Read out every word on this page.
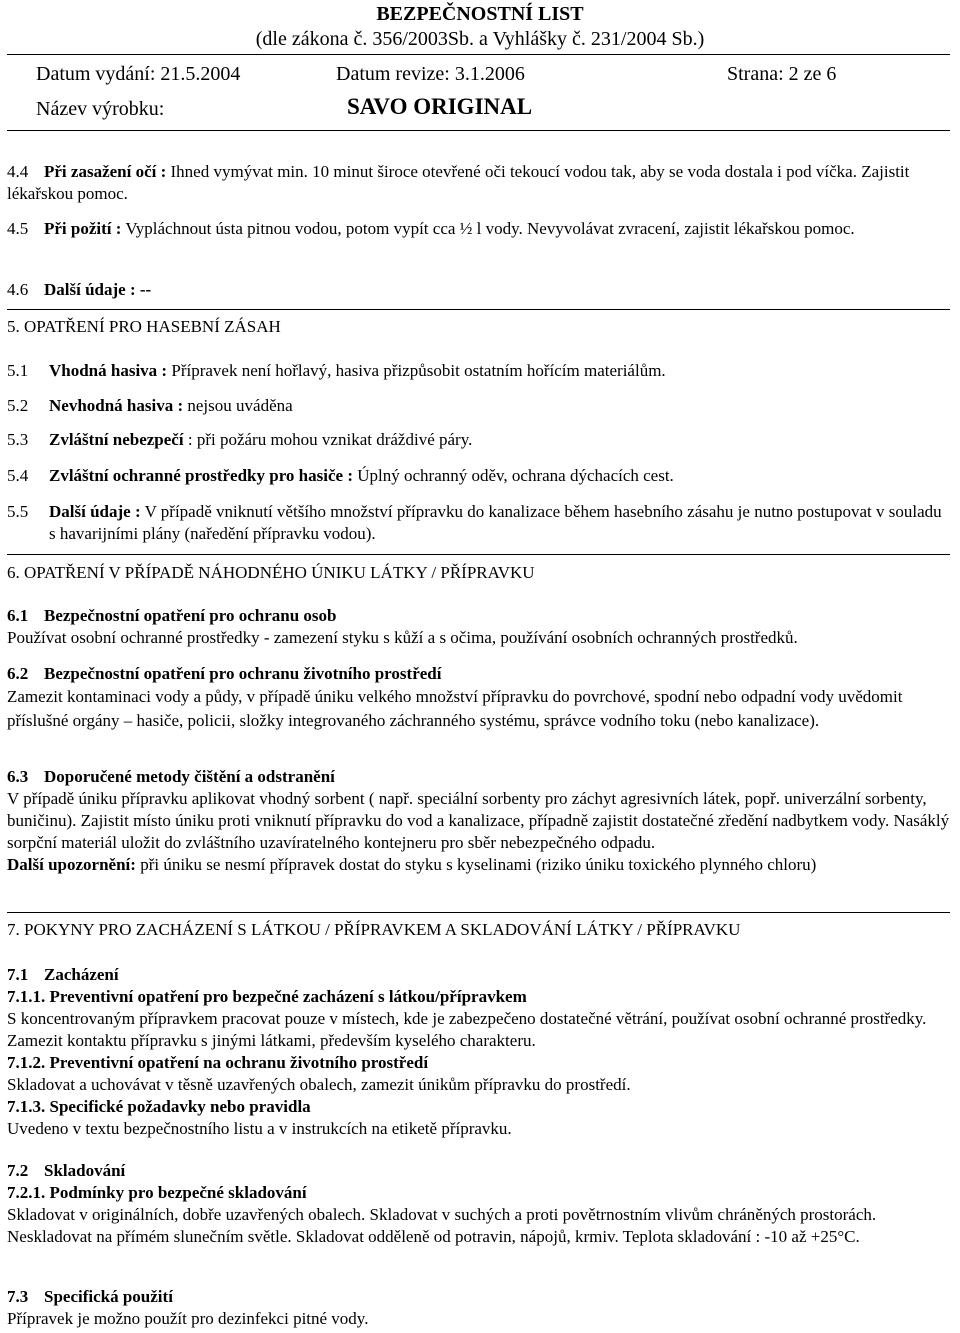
BEZPEČNOSTNÍ LIST
(dle zákona č. 356/2003Sb. a Vyhlášky č. 231/2004 Sb.)
Datum vydání: 21.5.2004	Datum revize: 3.1.2006	Strana: 2 ze 6
Název výrobku:	SAVO ORIGINAL
4.4 Při zasažení očí : Ihned vymývat min. 10 minut široce otevřené oči tekoucí vodou tak, aby se voda dostala i pod víčka. Zajistit lékařskou pomoc.
4.5 Při požití : Vypláchnout ústa pitnou vodou, potom vypít cca ½ l vody. Nevyvolávat zvracení, zajistit lékařskou pomoc.
4.6 Další údaje : --
5. OPATŘENÍ PRO HASEBNÍ ZÁSAH
5.1 Vhodná hasiva : Přípravek není hořlavý, hasiva přizpůsobit ostatním hořícím materiálům.
5.2 Nevhodná hasiva : nejsou uváděna
5.3 Zvláštní nebezpečí : při požáru mohou vznikat dráždivé páry.
5.4 Zvláštní ochranné prostředky pro hasiče : Úplný ochranný oděv, ochrana dýchacích cest.
5.5	Další údaje : V případě vniknutí většího množství přípravku do kanalizace během hasebního zásahu je nutno postupovat v souladu s havarijními plány (naředění přípravku vodou).
6. OPATŘENÍ V PŘÍPADĚ NÁHODNÉHO ÚNIKU LÁTKY / PŘÍPRAVKU
6.1 Bezpečnostní opatření pro ochranu osob
Používat osobní ochranné prostředky - zamezení styku s kůží a s očima, používání osobních ochranných prostředků.
6.2 Bezpečnostní opatření pro ochranu životního prostředí
Zamezit kontaminaci vody a půdy, v případě úniku velkého množství přípravku do povrchové, spodní nebo odpadní vody uvědomit příslušné orgány – hasiče, policii, složky integrovaného záchranného systému, správce vodního toku (nebo kanalizace).
6.3 Doporučené metody čištění a odstranění
V případě úniku přípravku aplikovat vhodný sorbent ( např. speciální sorbenty pro záchyt agresivních látek, popř. univerzální sorbenty, buničinu). Zajistit místo úniku proti vniknutí přípravku do vod a kanalizace, případně zajistit dostatečné zředění nadbytkem vody. Nasáklý sorpční materiál uložit do zvláštního uzavíratelného kontejneru pro sběr nebezpečného odpadu.
Další upozornění: při úniku se nesmí přípravek dostat do styku s kyselinami (riziko úniku toxického plynného chloru)
7. POKYNY PRO ZACHÁZENÍ S LÁTKOU / PŘÍPRAVKEM A SKLADOVÁNÍ LÁTKY / PŘÍPRAVKU
7.1 Zacházení
7.1.1. Preventivní opatření pro bezpečné zacházení s látkou/přípravkem
S koncentrovaným přípravkem pracovat pouze v místech, kde je zabezpečeno dostatečné větrání, používat osobní ochranné prostředky. Zamezit kontaktu přípravku s jinými látkami, především kyselého charakteru.
7.1.2. Preventivní opatření na ochranu životního prostředí
Skladovat a uchovávat v těsně uzavřených obalech, zamezit únikům přípravku do prostředí.
7.1.3. Specifické požadavky nebo pravidla
Uvedeno v textu bezpečnostního listu a v instrukcích na etiketě přípravku.
7.2 Skladování
7.2.1. Podmínky pro bezpečné skladování
Skladovat v originálních, dobře uzavřených obalech. Skladovat v suchých a proti povětrnostním vlivům chráněných prostorách. Neskladovat na přímém slunečním světle. Skladovat odděleně od potravin, nápojů, krmiv. Teplota skladování : -10 až +25°C.
7.3 Specifická použití
Přípravek je možno použít pro dezinfekci pitné vody.
